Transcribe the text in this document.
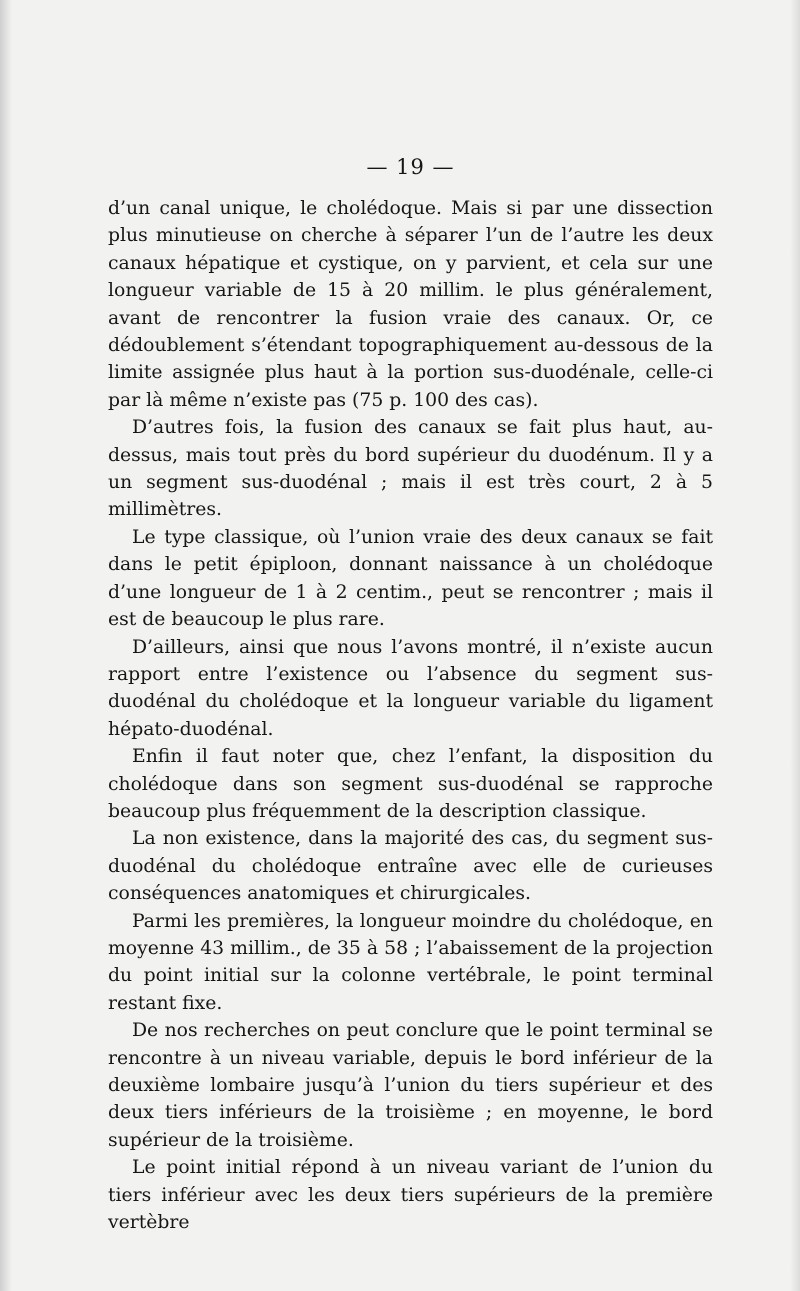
— 19 —

d’un canal unique, le cholédoque. Mais si par une dissection plus minutieuse on cherche à séparer l’un de l’autre les deux canaux hépatique et cystique, on y parvient, et cela sur une longueur variable de 15 à 20 millim. le plus généralement, avant de rencontrer la fusion vraie des canaux. Or, ce dédoublement s’étendant topographiquement au-dessous de la limite assignée plus haut à la portion sus-duodénale, celle-ci par là même n’existe pas (75 p. 100 des cas).

D’autres fois, la fusion des canaux se fait plus haut, au-dessus, mais tout près du bord supérieur du duodénum. Il y a un segment sus-duodénal ; mais il est très court, 2 à 5 millimètres.

Le type classique, où l’union vraie des deux canaux se fait dans le petit épiploon, donnant naissance à un cholédoque d’une longueur de 1 à 2 centim., peut se rencontrer ; mais il est de beaucoup le plus rare.

D’ailleurs, ainsi que nous l’avons montré, il n’existe aucun rapport entre l’existence ou l’absence du segment sus-duodénal du cholédoque et la longueur variable du ligament hépato-duodénal.

Enfin il faut noter que, chez l’enfant, la disposition du cholédoque dans son segment sus-duodénal se rapproche beaucoup plus fréquemment de la description classique.

La non existence, dans la majorité des cas, du segment sus-duodénal du cholédoque entraîne avec elle de curieuses conséquences anatomiques et chirurgicales.

Parmi les premières, la longueur moindre du cholédoque, en moyenne 43 millim., de 35 à 58 ; l’abaissement de la projection du point initial sur la colonne vertébrale, le point terminal restant fixe.

De nos recherches on peut conclure que le point terminal se rencontre à un niveau variable, depuis le bord inférieur de la deuxième lombaire jusqu’à l’union du tiers supérieur et des deux tiers inférieurs de la troisième ; en moyenne, le bord supérieur de la troisième.

Le point initial répond à un niveau variant de l’union du tiers inférieur avec les deux tiers supérieurs de la première vertèbre
